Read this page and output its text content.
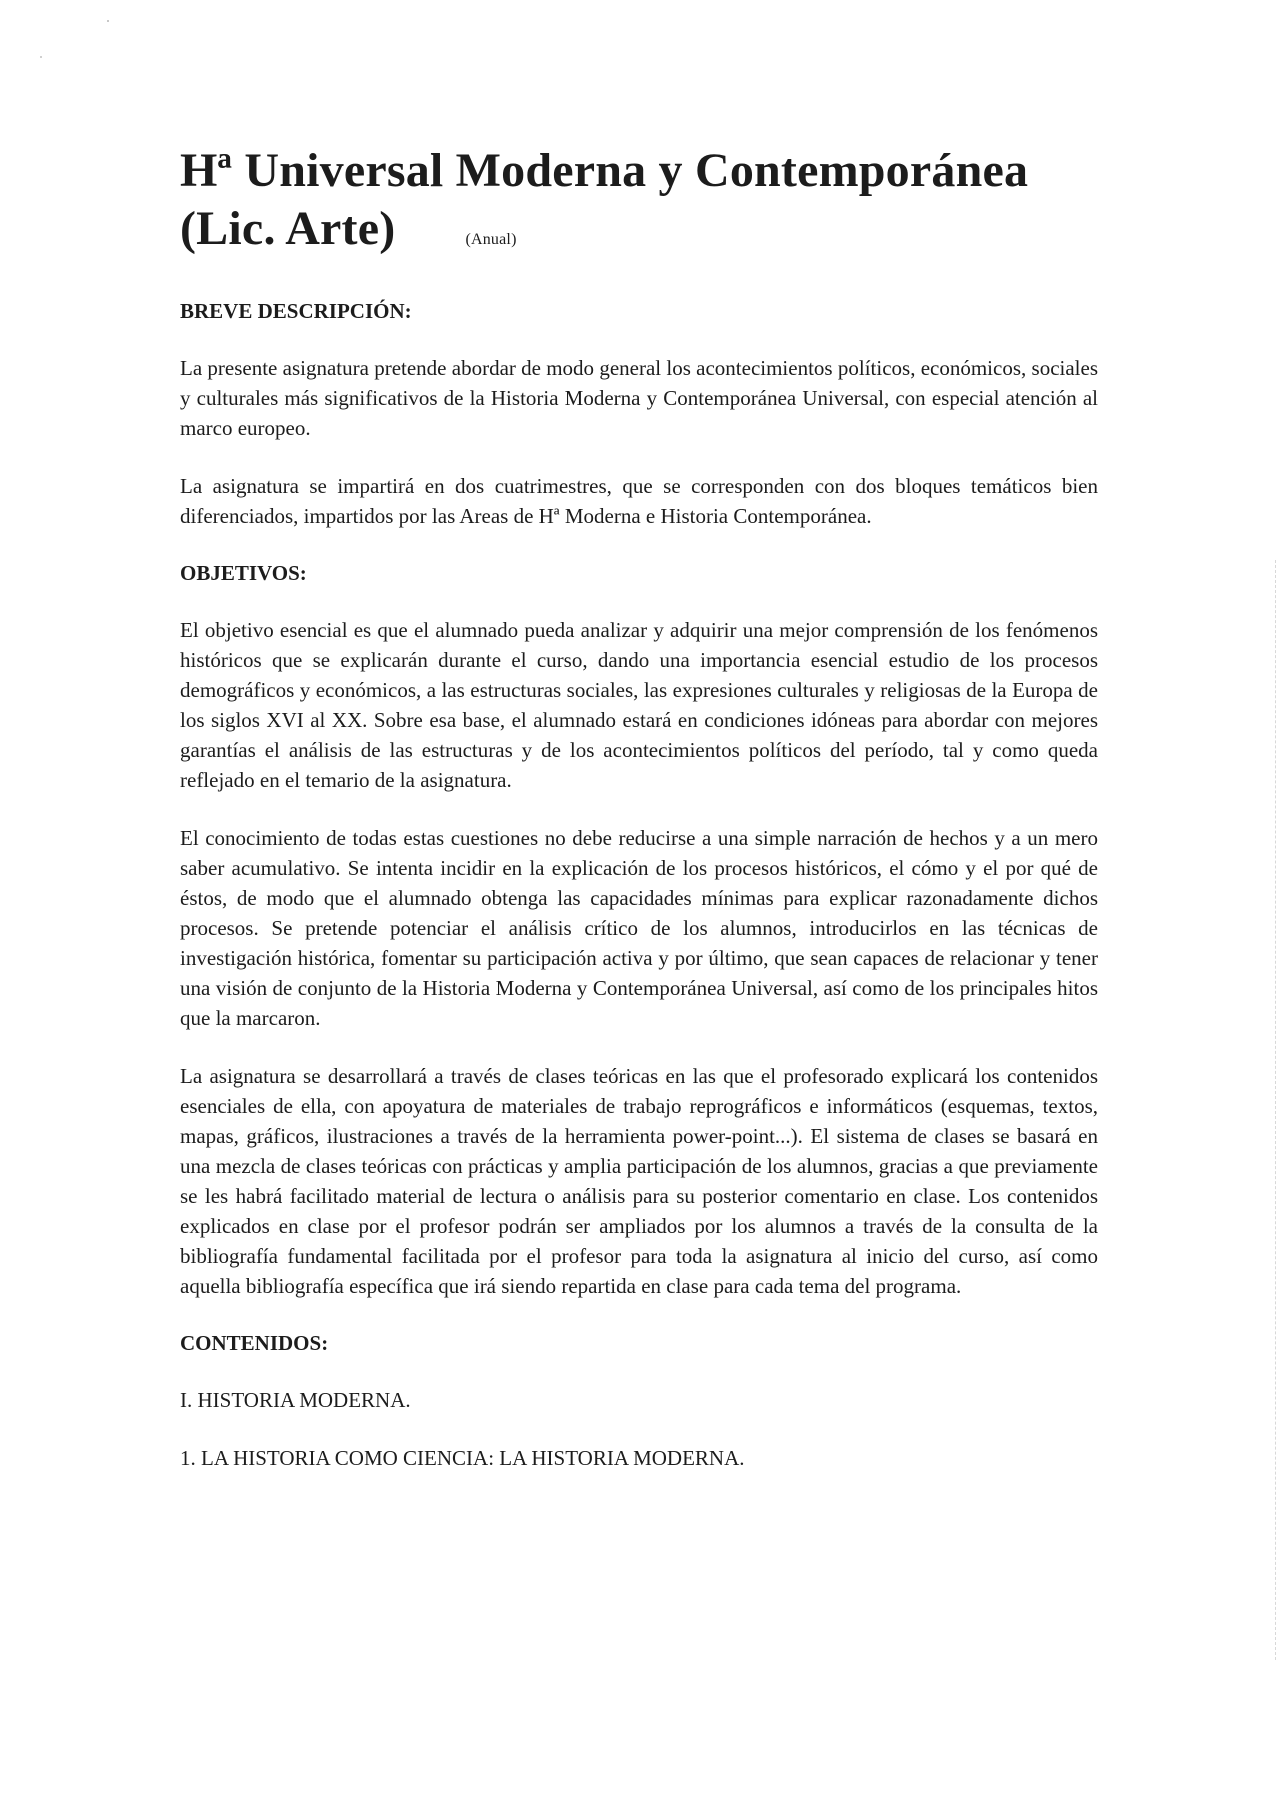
Hª Universal Moderna y Contemporánea
(Lic. Arte)	(Anual)
BREVE DESCRIPCIÓN:

La presente asignatura pretende abordar de modo general los acontecimientos políticos, económicos, sociales y culturales más significativos de la Historia Moderna y Contemporánea Universal, con especial atención al marco europeo.

La asignatura se impartirá en dos cuatrimestres, que se corresponden con dos bloques temáticos bien diferenciados, impartidos por las Areas de Hª Moderna e Historia Contemporánea.

OBJETIVOS:

El objetivo esencial es que el alumnado pueda analizar y adquirir una mejor comprensión de los fenómenos históricos que se explicarán durante el curso, dando una importancia esencial estudio de los procesos demográficos y económicos, a las estructuras sociales, las expresiones culturales y religiosas de la Europa de los siglos XVI al XX. Sobre esa base, el alumnado estará en condiciones idóneas para abordar con mejores garantías el análisis de las estructuras y de los acontecimientos políticos del período, tal y como queda reflejado en el temario de la asignatura.

El conocimiento de todas estas cuestiones no debe reducirse a una simple narración de hechos y a un mero saber acumulativo. Se intenta incidir en la explicación de los procesos históricos, el cómo y el por qué de éstos, de modo que el alumnado obtenga las capacidades mínimas para explicar razonadamente dichos procesos. Se pretende potenciar el análisis crítico de los alumnos, introducirlos en las técnicas de investigación histórica, fomentar su participación activa y por último, que sean capaces de relacionar y tener una visión de conjunto de la Historia Moderna y Contemporánea Universal, así como de los principales hitos que la marcaron.

La asignatura se desarrollará a través de clases teóricas en las que el profesorado explicará los contenidos esenciales de ella, con apoyatura de materiales de trabajo reprográficos e informáticos (esquemas, textos, mapas, gráficos, ilustraciones a través de la herramienta power-point...). El sistema de clases se basará en una mezcla de clases teóricas con prácticas y amplia participación de los alumnos, gracias a que previamente se les habrá facilitado material de lectura o análisis para su posterior comentario en clase. Los contenidos explicados en clase por el profesor podrán ser ampliados por los alumnos a través de la consulta de la bibliografía fundamental facilitada por el profesor para toda la asignatura al inicio del curso, así como aquella bibliografía específica que irá siendo repartida en clase para cada tema del programa.

CONTENIDOS:

I. HISTORIA MODERNA.

1. LA HISTORIA COMO CIENCIA: LA HISTORIA MODERNA.
